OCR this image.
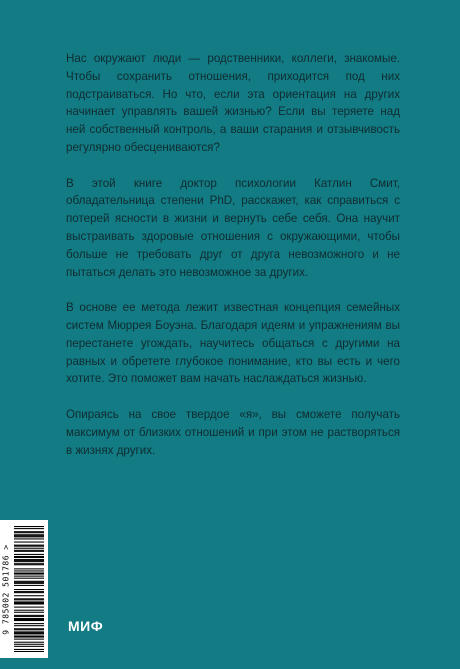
Нас окружают люди — родственники, коллеги, знакомые. Чтобы сохранить отношения, приходится под них подстраиваться. Но что, если эта ориентация на других начинает управлять вашей жизнью? Если вы теряете над ней собственный контроль, а ваши старания и отзывчивость регулярно обесцениваются?

В этой книге доктор психологии Катлин Смит, обладательница степени PhD, расскажет, как справиться с потерей ясности в жизни и вернуть себе себя. Она научит выстраивать здоровые отношения с окружающими, чтобы больше не требовать друг от друга невозможного и не пытаться делать это невозможное за других.

В основе ее метода лежит известная концепция семейных систем Мюррея Боуэна. Благодаря идеям и упражнениям вы перестанете угождать, научитесь общаться с другими на равных и обретете глубокое понимание, кто вы есть и чего хотите. Это поможет вам начать наслаждаться жизнью.

Опираясь на свое твердое «я», вы сможете получать максимум от близких отношений и при этом не растворяться в жизнях других.

9 785002 501786 >	МИФ
